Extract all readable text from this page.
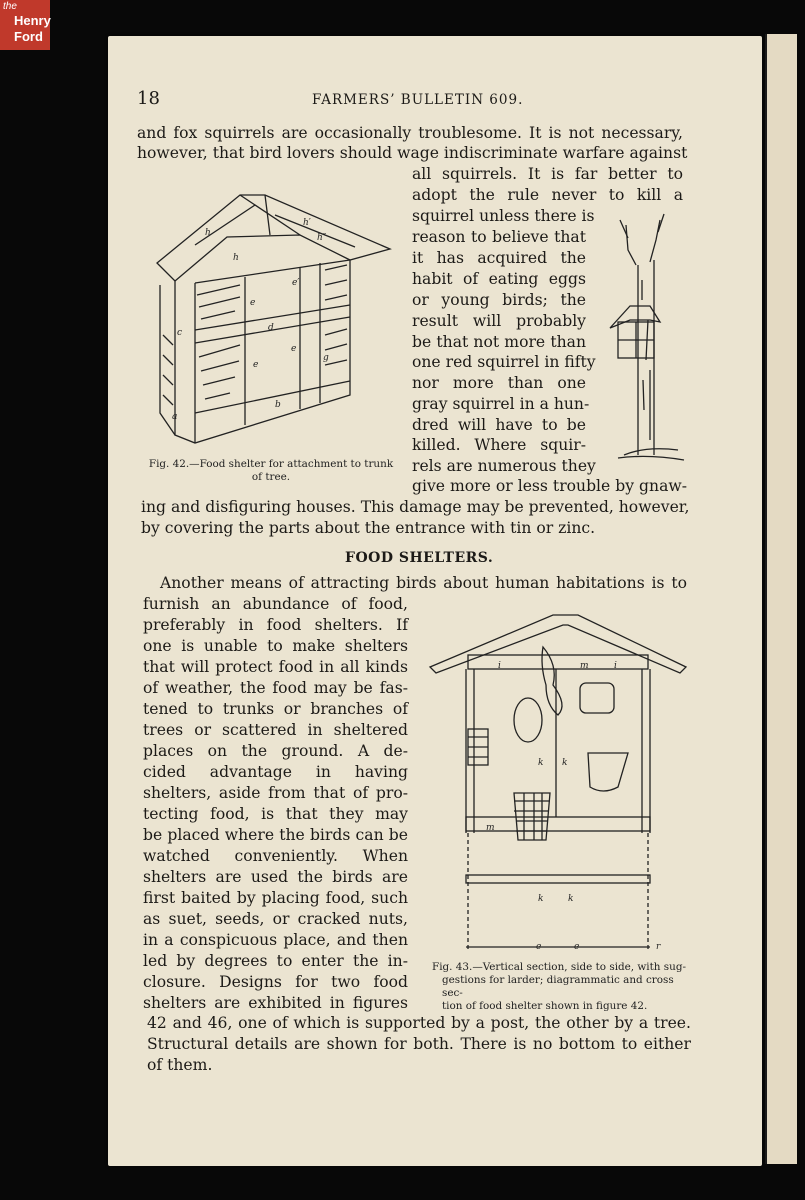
the
Henry
Ford
18	FARMERS’ BULLETIN 609.
and fox squirrels are occasionally troublesome. It is not necessary,
however, that bird lovers should wage indiscriminate warfare against
all squirrels. It is far better to
adopt the rule never to kill a
squirrel unless there is
reason to believe that
it has acquired the
habit of eating eggs
or young birds; the
result will probably
be that not more than
one red squirrel in fifty
nor more than one
gray squirrel in a hun-
dred will have to be
killed. Where squir-
rels are numerous they
give more or less trouble by gnaw-
ing and disfiguring houses. This damage may be prevented, however,
by covering the parts about the entrance with tin or zinc.
h
h′
h″
h
e
e′
d
c
e
g
b
a
e
Fig. 42.—Food shelter for attachment to trunk
of tree.
FOOD SHELTERS.
Another means of attracting birds about human habitations is to
furnish an abundance of food,
preferably in food shelters. If
one is unable to make shelters
that will protect food in all kinds
of weather, the food may be fas-
tened to trunks or branches of
trees or scattered in sheltered
places on the ground. A de-
cided advantage in having
shelters, aside from that of pro-
tecting food, is that they may
be placed where the birds can be
watched conveniently. When
shelters are used the birds are
first baited by placing food, such
as suet, seeds, or cracked nuts,
in a conspicuous place, and then
led by degrees to enter the in-
closure. Designs for two food
shelters are exhibited in figures
42 and 46, one of which is supported by a post, the other by a tree.
Structural details are shown for both. There is no bottom to either
of them.
i	m	i
k k
m
k	k
e	e	r
Fig. 43.—Vertical section, side to side, with sug-
gestions for larder; diagrammatic and cross sec-
tion of food shelter shown in figure 42.
